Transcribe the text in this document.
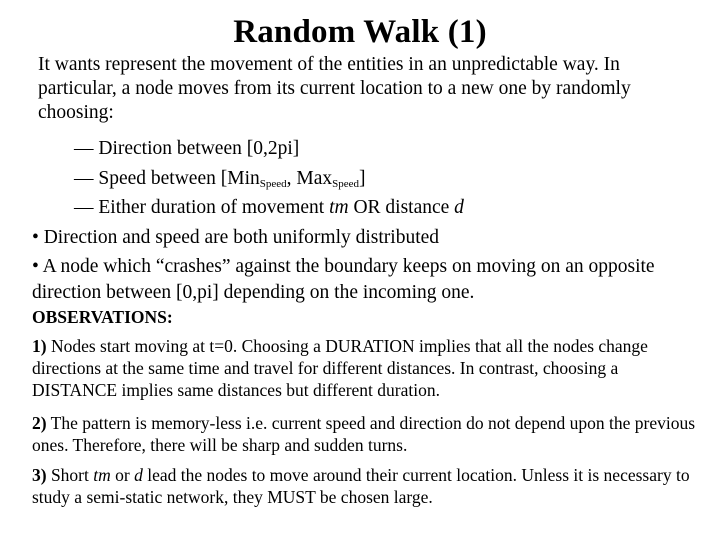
Random Walk (1)
It wants represent the movement of the entities in an unpredictable way. In particular, a node moves from its current location to a new one by randomly choosing:
— Direction between [0,2pi]
— Speed between [Min$_{Speed}$, Max$_{Speed}$]
— Either duration of movement tm OR distance d
• Direction and speed are both uniformly distributed
• A node which “crashes” against the boundary keeps on moving on an opposite direction between [0,pi] depending on the incoming one.
OBSERVATIONS:
1) Nodes start moving at t=0. Choosing a DURATION implies that all the nodes change directions at the same time and travel for different distances. In contrast, choosing a DISTANCE implies same distances but different duration.
2) The pattern is memory-less i.e. current speed and direction do not depend upon the previous ones. Therefore, there will be sharp and sudden turns.
3) Short tm or d lead the nodes to move around their current location. Unless it is necessary to study a semi-static network, they MUST be chosen large.
